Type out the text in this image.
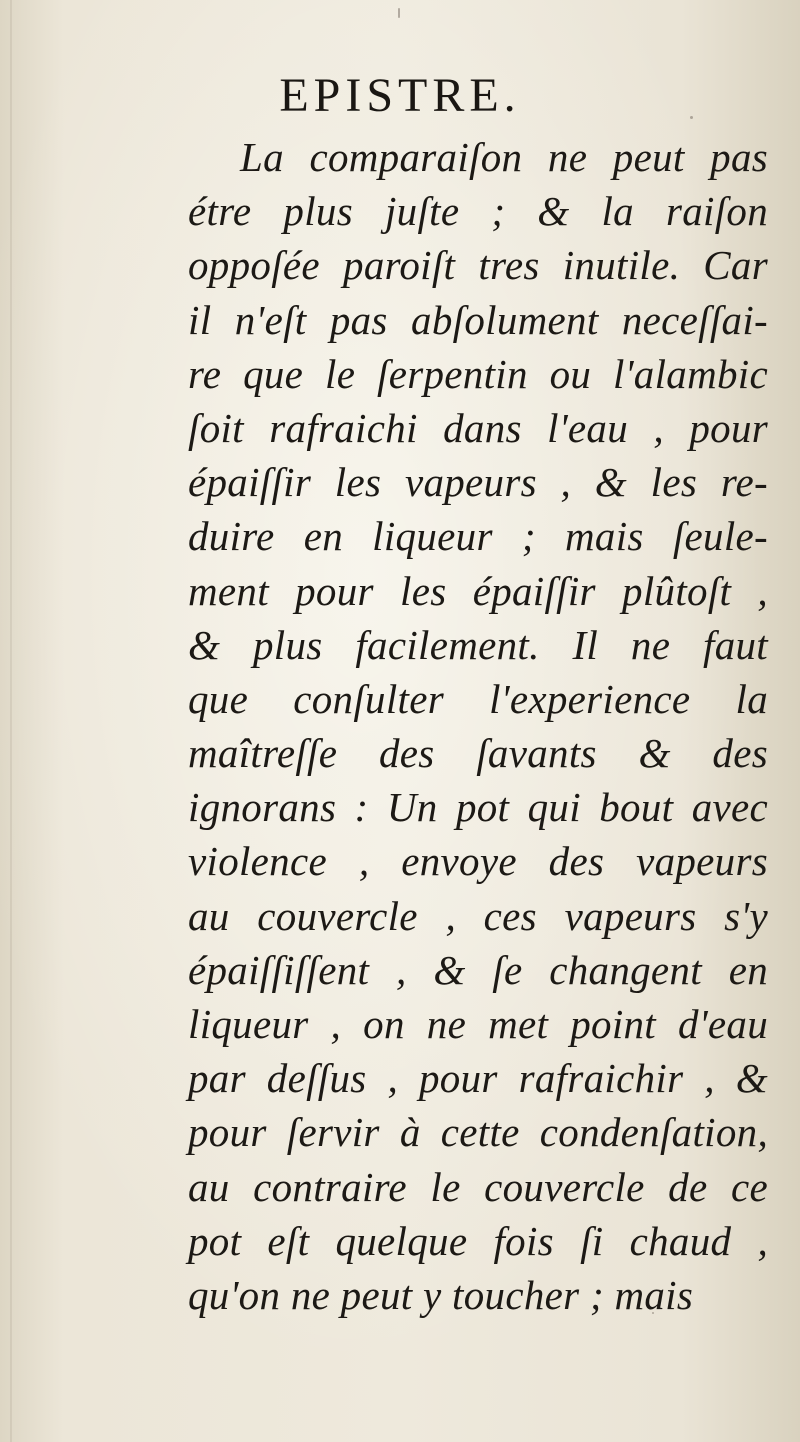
EPISTRE.
La comparaiſon ne peut pas
étre plus juſte ; & la raiſon
oppoſée paroiſt tres inutile. Car
il n'eſt pas abſolument neceſſai-
re que le ſerpentin ou l'alambic
ſoit rafraichi dans l'eau , pour
épaiſſir les vapeurs , & les re-
duire en liqueur ; mais ſeule-
ment pour les épaiſſir plûtoſt ,
& plus facilement. Il ne faut
que conſulter l'experience la
maîtreſſe des ſavants & des
ignorans : Un pot qui bout avec
violence , envoye des vapeurs
au couvercle , ces vapeurs s'y
épaiſſiſſent , & ſe changent en
liqueur , on ne met point d'eau
par deſſus , pour rafraichir , &
pour ſervir à cette condenſation,
au contraire le couvercle de ce
pot eſt quelque fois ſi chaud ,
qu'on ne peut y toucher ; mais
